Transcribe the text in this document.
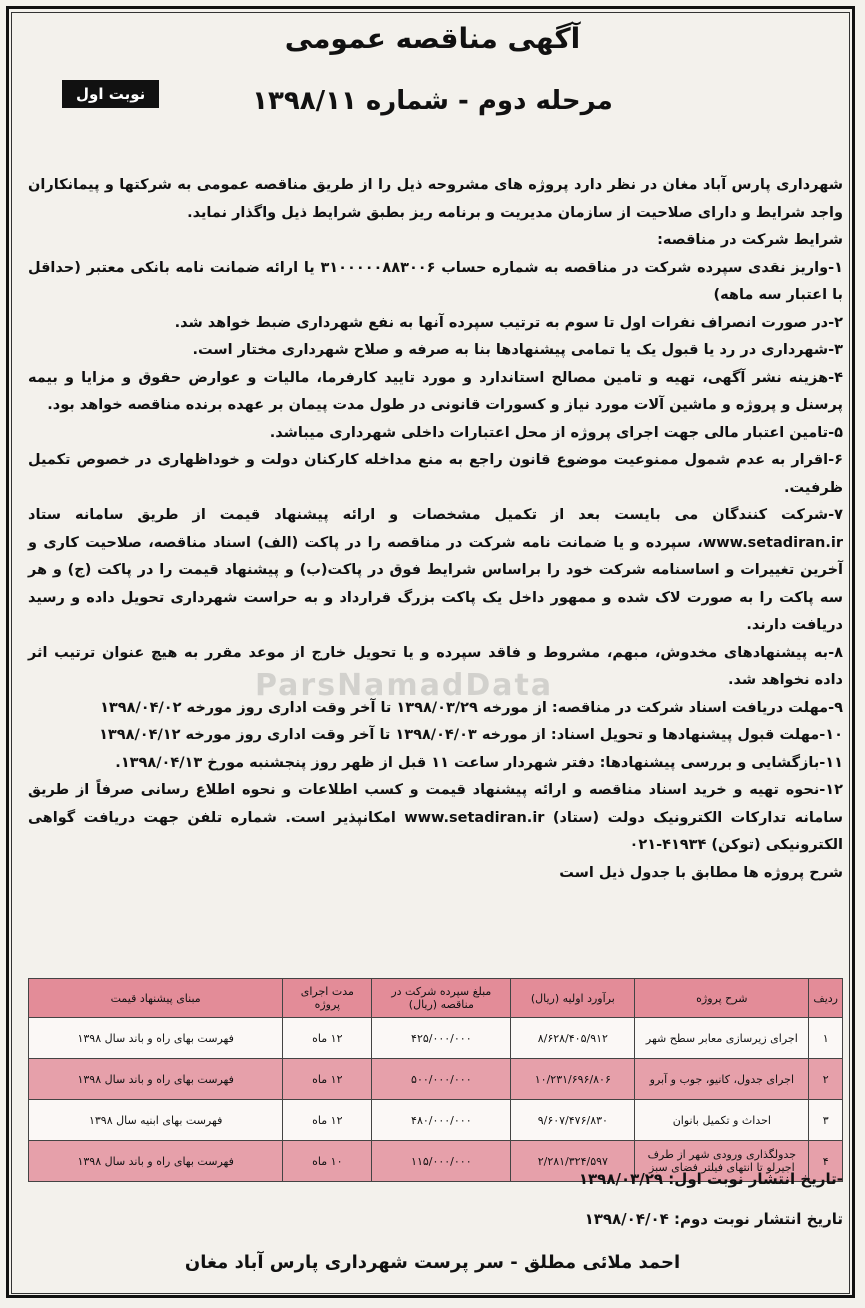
آگهی مناقصه عمومی
نوبت اول	مرحله دوم - شماره ۱۳۹۸/۱۱
ParsNamadData

شهرداری پارس آباد مغان در نظر دارد پروژه های مشروحه ذیل را از طریق مناقصه عمومی به شرکتها و پیمانکاران واجد شرایط و دارای صلاحیت از سازمان مدیریت و برنامه ریز بطبق شرایط ذیل واگذار نماید.

شرایط شرکت در مناقصه:

۱-واریز نقدی سپرده شرکت در مناقصه به شماره حساب ۳۱۰۰۰۰۰۸۸۳۰۰۶ یا ارائه ضمانت نامه بانکی معتبر (حداقل با اعتبار سه ماهه)

۲-در صورت انصراف نفرات اول تا سوم به ترتیب سپرده آنها به نفع شهرداری ضبط خواهد شد.

۳-شهرداری در رد یا قبول یک یا تمامی پیشنهادها بنا به صرفه و صلاح شهرداری مختار است.

۴-هزینه نشر آگهی، تهیه و تامین مصالح استاندارد و مورد تایید کارفرما، مالیات و عوارض حقوق و مزایا و بیمه پرسنل و پروژه و ماشین آلات مورد نیاز و کسورات قانونی در طول مدت پیمان بر عهده برنده مناقصه خواهد بود.

۵-تامین اعتبار مالی جهت اجرای پروژه از محل اعتبارات داخلی شهرداری میباشد.

۶-اقرار به عدم شمول ممنوعیت موضوع قانون راجع به منع مداخله کارکنان دولت و خوداظهاری در خصوص تکمیل ظرفیت.

۷-شرکت کنندگان می بایست بعد از تکمیل مشخصات و ارائه پیشنهاد قیمت از طریق سامانه ستاد www.setadiran.ir، سپرده و یا ضمانت نامه شرکت در مناقصه را در پاکت (الف) اسناد مناقصه، صلاحیت کاری و آخرین تغییرات و اساسنامه شرکت خود را براساس شرایط فوق در پاکت(ب) و پیشنهاد قیمت را در پاکت (ج) و هر سه پاکت را به صورت لاک شده و ممهور داخل یک پاکت بزرگ قرارداد و به حراست شهرداری تحویل داده و رسید دریافت دارند.

۸-به پیشنهادهای مخدوش، مبهم، مشروط و فاقد سپرده و یا تحویل خارج از موعد مقرر به هیچ عنوان ترتیب اثر داده نخواهد شد.

۹-مهلت دریافت اسناد شرکت در مناقصه: از مورخه ۱۳۹۸/۰۳/۲۹ تا آخر وقت اداری روز مورخه ۱۳۹۸/۰۴/۰۲

۱۰-مهلت قبول پیشنهادها و تحویل اسناد: از مورخه ۱۳۹۸/۰۴/۰۳ تا آخر وقت اداری روز مورخه ۱۳۹۸/۰۴/۱۲

۱۱-بازگشایی و بررسی پیشنهادها: دفتر شهردار ساعت ۱۱ قبل از ظهر روز پنجشنبه مورخ ۱۳۹۸/۰۴/۱۳.

۱۲-نحوه تهیه و خرید اسناد مناقصه و ارائه پیشنهاد قیمت و کسب اطلاعات و نحوه اطلاع رسانی صرفاً از طریق سامانه تدارکات الکترونیک دولت (ستاد) www.setadiran.ir امکانپذیر است. شماره تلفن جهت دریافت گواهی الکترونیکی (توکن) ۴۱۹۳۴-۰۲۱

شرح پروژه ها مطابق با جدول ذیل است

ردیف	شرح پروژه	برآورد اولیه (ریال)	مبلغ سپرده شرکت در مناقصه (ریال)	مدت اجرای پروژه	مبنای پیشنهاد قیمت
۱	اجرای زیرسازی معابر سطح شهر	۸/۶۲۸/۴۰۵/۹۱۲	۴۲۵/۰۰۰/۰۰۰	۱۲ ماه	فهرست بهای راه و باند سال ۱۳۹۸
۲	اجرای جدول، کانیو، جوب و آبرو	۱۰/۲۳۱/۶۹۶/۸۰۶	۵۰۰/۰۰۰/۰۰۰	۱۲ ماه	فهرست بهای راه و باند سال ۱۳۹۸
۳	احداث و تکمیل بانوان	۹/۶۰۷/۴۷۶/۸۳۰	۴۸۰/۰۰۰/۰۰۰	۱۲ ماه	فهرست بهای ابنیه سال ۱۳۹۸
۴	جدولگذاری ورودی شهر از طرف اجیرلو تا انتهای فیلتر فضای سبز	۲/۲۸۱/۳۲۴/۵۹۷	۱۱۵/۰۰۰/۰۰۰	۱۰ ماه	فهرست بهای راه و باند سال ۱۳۹۸
-تاریخ انتشار نوبت اول: ۱۳۹۸/۰۳/۲۹
تاریخ انتشار نوبت دوم: ۱۳۹۸/۰۴/۰۴
احمد ملائی مطلق - سر پرست شهرداری پارس آباد مغان
